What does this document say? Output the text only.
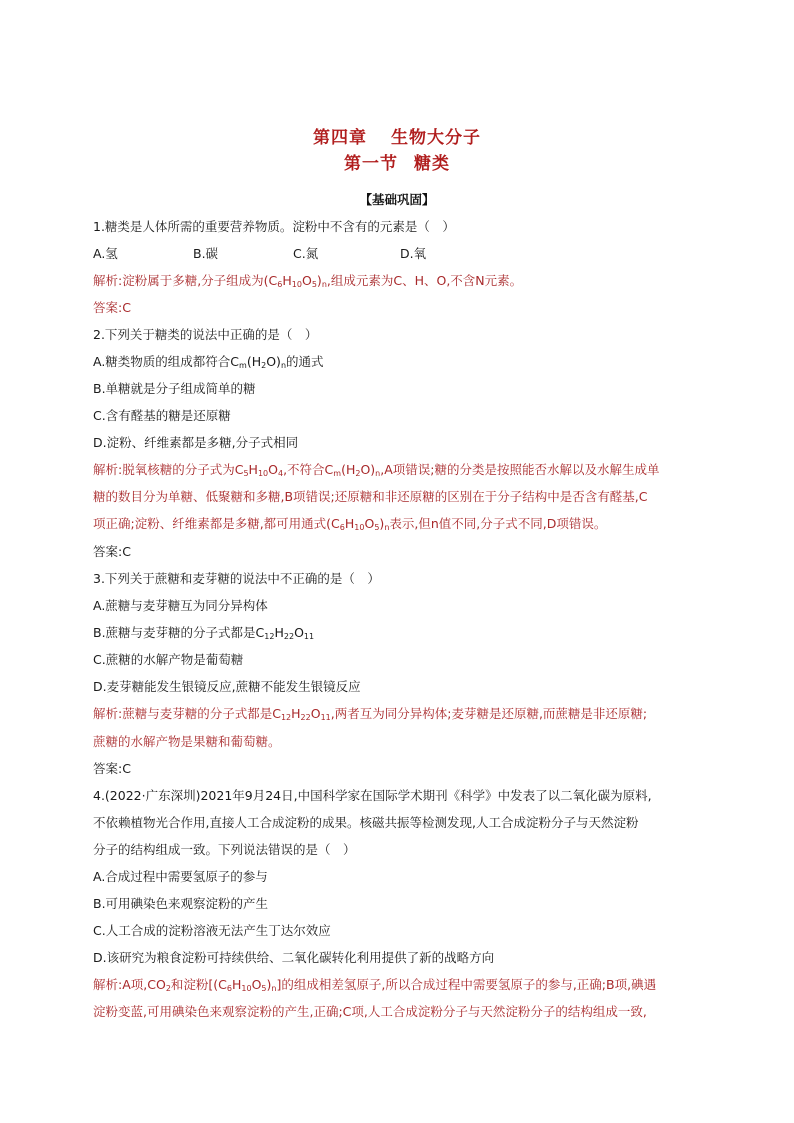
第四章 生物大分子
第一节 糖类
【基础巩固】
1.糖类是人体所需的重要营养物质。淀粉中不含有的元素是（　）
A.氢	B.碳	C.氮	D.氧
解析:淀粉属于多糖,分子组成为$(C_6H_{10}O_5)_n$,组成元素为C、H、O,不含N元素。
答案:C
2.下列关于糖类的说法中正确的是（　）
A.糖类物质的组成都符合$C_m(H_2O)_n$的通式
B.单糖就是分子组成简单的糖
C.含有醛基的糖是还原糖
D.淀粉、纤维素都是多糖,分子式相同
解析:脱氧核糖的分子式为$C_5H_{10}O_4$,不符合$C_m(H_2O)_n,A$项错误;糖的分类是按照能否水解以及水解生成单
糖的数目分为单糖、低聚糖和多糖,B项错误;还原糖和非还原糖的区别在于分子结构中是否含有醛基,C
项正确;淀粉、纤维素都是多糖,都可用通式$(C_6H_{10}O_5)_n$表示,但n值不同,分子式不同,D项错误。
答案:C
3.下列关于蔗糖和麦芽糖的说法中不正确的是（　）
A.蔗糖与麦芽糖互为同分异构体
B.蔗糖与麦芽糖的分子式都是$C_{12}H_{22}O_{11}$
C.蔗糖的水解产物是葡萄糖
D.麦芽糖能发生银镜反应,蔗糖不能发生银镜反应
解析:蔗糖与麦芽糖的分子式都是$C_{12}H_{22}O_{11}$,两者互为同分异构体;麦芽糖是还原糖,而蔗糖是非还原糖;
蔗糖的水解产物是果糖和葡萄糖。
答案:C
4.(2022·广东深圳)2021年9月24日,中国科学家在国际学术期刊《科学》中发表了以二氧化碳为原料,
不依赖植物光合作用,直接人工合成淀粉的成果。核磁共振等检测发现,人工合成淀粉分子与天然淀粉
分子的结构组成一致。下列说法错误的是（　）
A.合成过程中需要氢原子的参与
B.可用碘染色来观察淀粉的产生
C.人工合成的淀粉溶液无法产生丁达尔效应
D.该研究为粮食淀粉可持续供给、二氧化碳转化利用提供了新的战略方向
解析:A项$,CO_2$和淀粉$[(C_6H_{10}O_5)_n]$的组成相差氢原子,所以合成过程中需要氢原子的参与,正确;B项,碘遇
淀粉变蓝,可用碘染色来观察淀粉的产生,正确;C项,人工合成淀粉分子与天然淀粉分子的结构组成一致,
